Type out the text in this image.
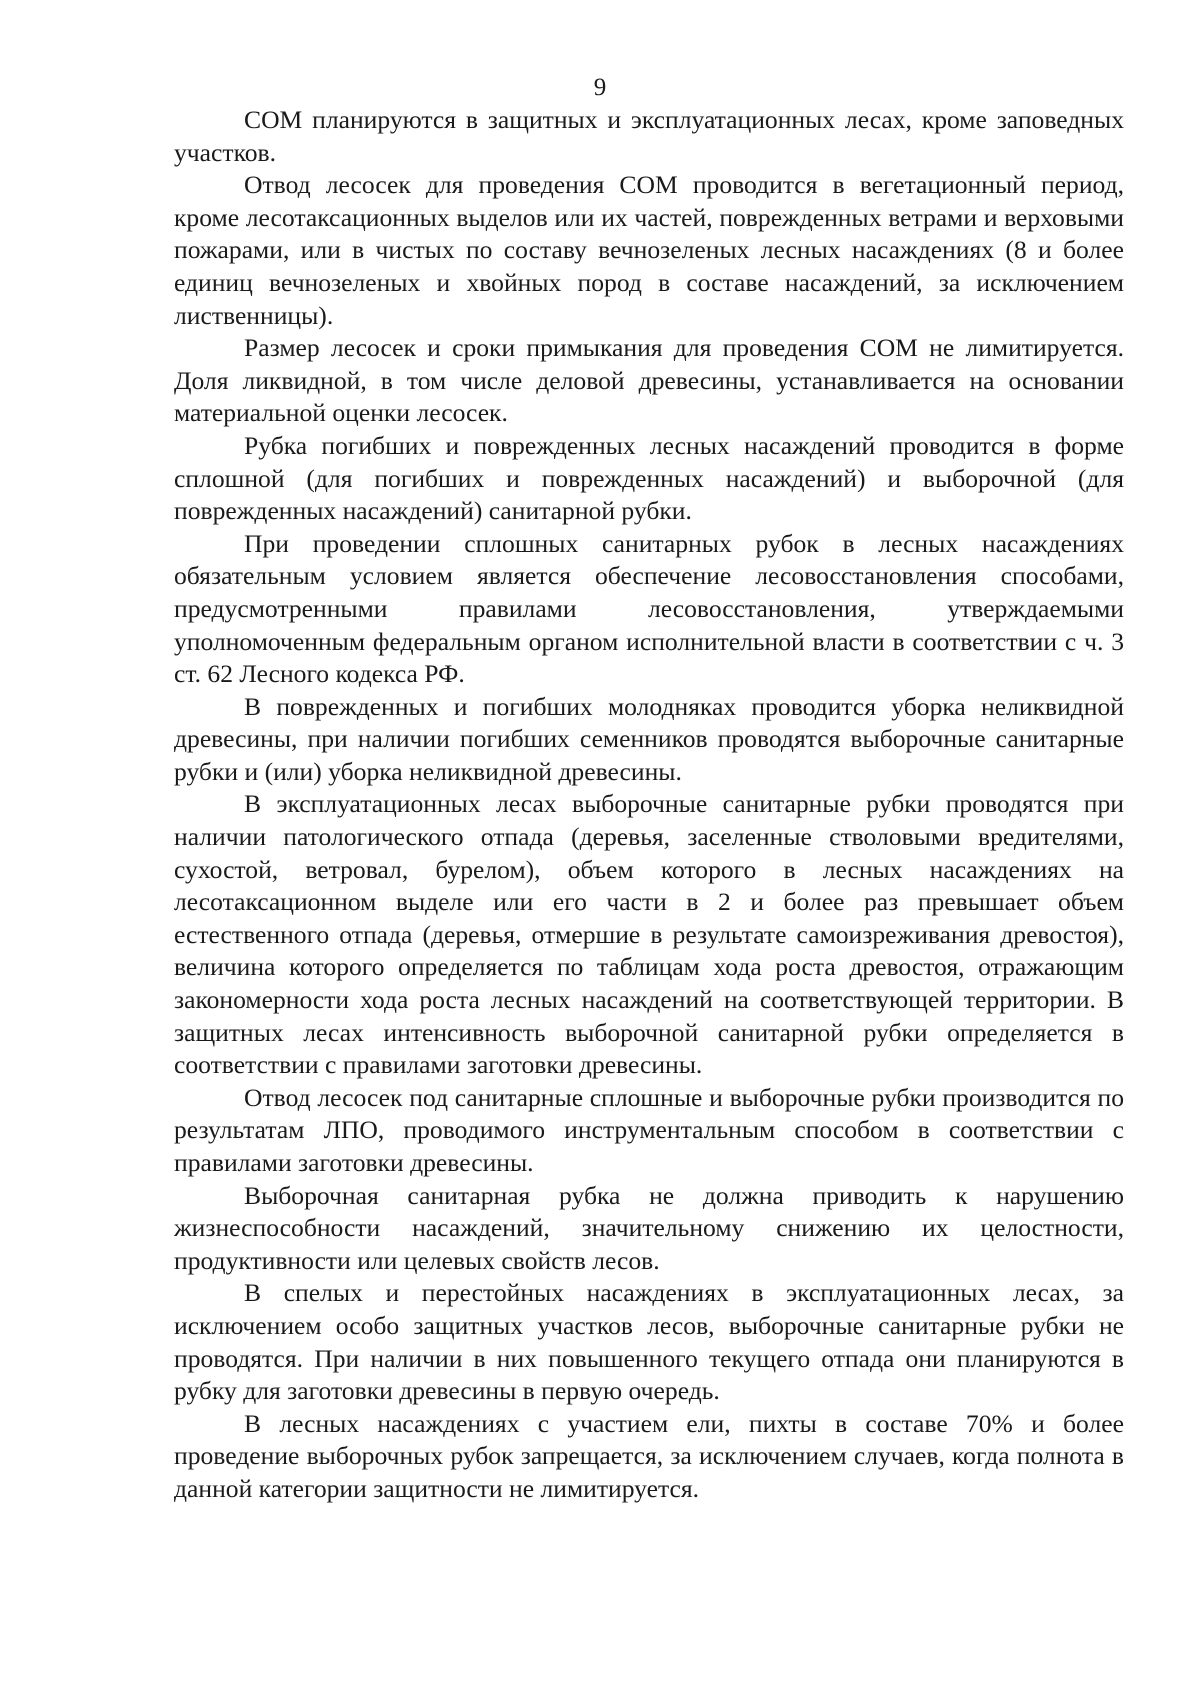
9

СОМ планируются в защитных и эксплуатационных лесах, кроме заповедных участков.

Отвод лесосек для проведения СОМ проводится в вегетационный период, кроме лесотаксационных выделов или их частей, поврежденных ветрами и верховыми пожарами, или в чистых по составу вечнозеленых лесных насаждениях (8 и более единиц вечнозеленых и хвойных пород в составе насаждений, за исключением лиственницы).

Размер лесосек и сроки примыкания для проведения СОМ не лимитируется. Доля ликвидной, в том числе деловой древесины, устанавливается на основании материальной оценки лесосек.

Рубка погибших и поврежденных лесных насаждений проводится в форме сплошной (для погибших и поврежденных насаждений) и выборочной (для поврежденных насаждений) санитарной рубки.

При проведении сплошных санитарных рубок в лесных насаждениях обязательным условием является обеспечение лесовосстановления способами, предусмотренными правилами лесовосстановления, утверждаемыми уполномоченным федеральным органом исполнительной власти в соответствии с ч. 3 ст. 62 Лесного кодекса РФ.

В поврежденных и погибших молодняках проводится уборка неликвидной древесины, при наличии погибших семенников проводятся выборочные санитарные рубки и (или) уборка неликвидной древесины.

В эксплуатационных лесах выборочные санитарные рубки проводятся при наличии патологического отпада (деревья, заселенные стволовыми вредителями, сухостой, ветровал, бурелом), объем которого в лесных насаждениях на лесотаксационном выделе или его части в 2 и более раз превышает объем естественного отпада (деревья, отмершие в результате самоизреживания древостоя), величина которого определяется по таблицам хода роста древостоя, отражающим закономерности хода роста лесных насаждений на соответствующей территории. В защитных лесах интенсивность выборочной санитарной рубки определяется в соответствии с правилами заготовки древесины.

Отвод лесосек под санитарные сплошные и выборочные рубки производится по результатам ЛПО, проводимого инструментальным способом в соответствии с правилами заготовки древесины.

Выборочная санитарная рубка не должна приводить к нарушению жизнеспособности насаждений, значительному снижению их целостности, продуктивности или целевых свойств лесов.

В спелых и перестойных насаждениях в эксплуатационных лесах, за исключением особо защитных участков лесов, выборочные санитарные рубки не проводятся. При наличии в них повышенного текущего отпада они планируются в рубку для заготовки древесины в первую очередь.

В лесных насаждениях с участием ели, пихты в составе 70% и более проведение выборочных рубок запрещается, за исключением случаев, когда полнота в данной категории защитности не лимитируется.
